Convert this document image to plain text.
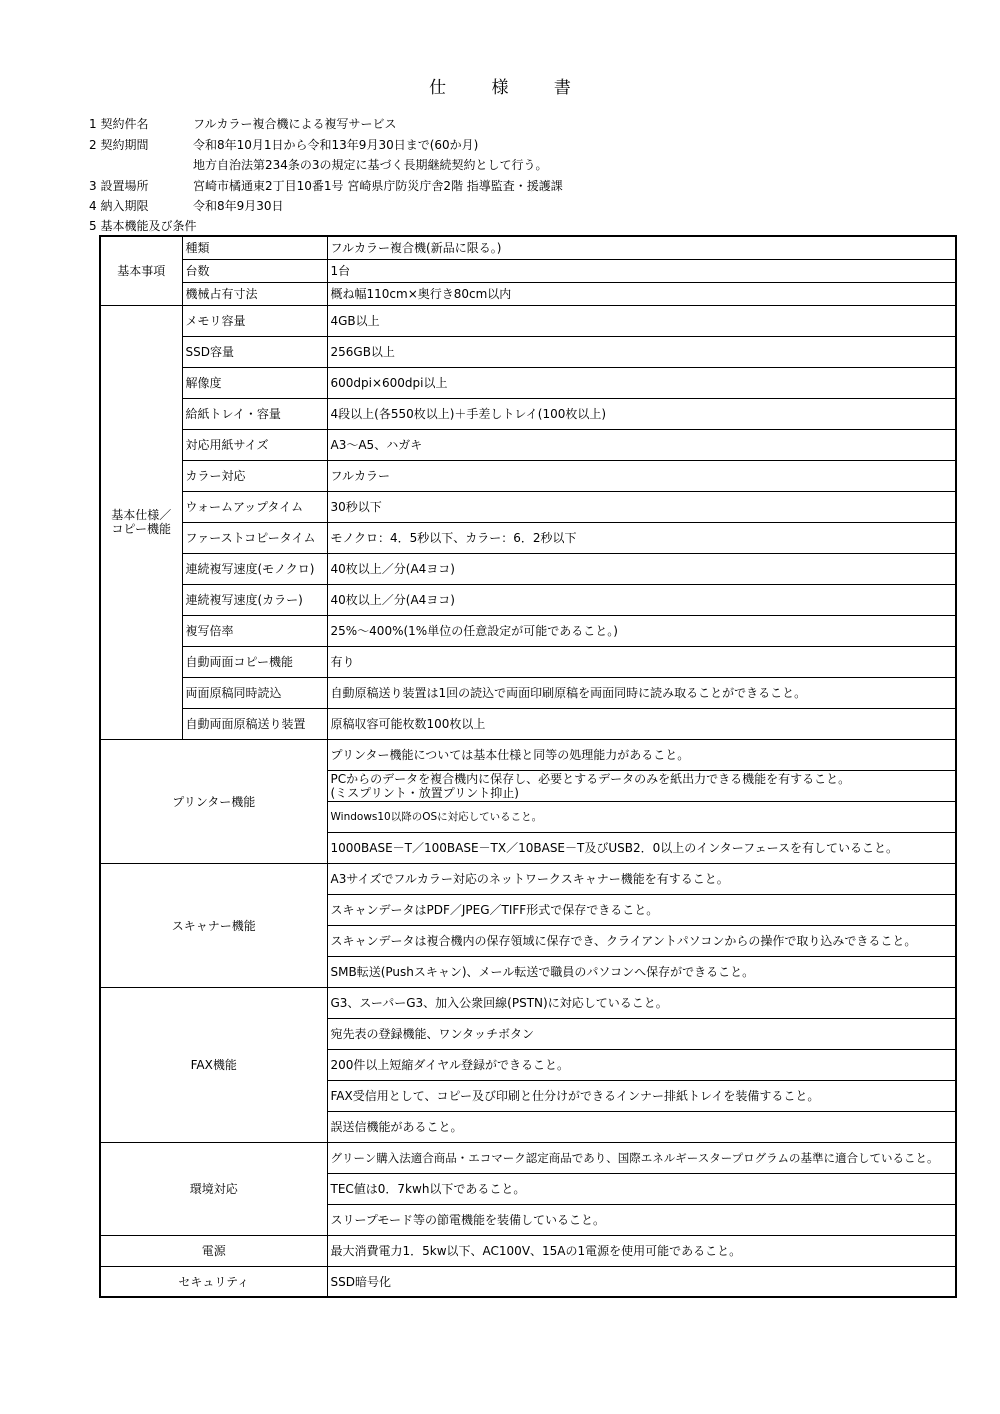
仕 様 書
1 契約件名	フルカラー複合機による複写サービス
2 契約期間	令和8年10月1日から令和13年9月30日まで(60か月)
地方自治法第234条の3の規定に基づく長期継続契約として行う。
3 設置場所	宮崎市橘通東2丁目10番1号 宮崎県庁防災庁舎2階 指導監査・援護課
4 納入期限	令和8年9月30日
5 基本機能及び条件
基本事項	種類	フルカラー複合機(新品に限る。)
	台数	1台
	機械占有寸法	概ね幅110cm×奥行き80cm以内
基本仕様／
コピー機能	メモリ容量	4GB以上
	SSD容量	256GB以上
	解像度	600dpi×600dpi以上
	給紙トレイ・容量	4段以上(各550枚以上)＋手差しトレイ(100枚以上)
	対応用紙サイズ	A3～A5、ハガキ
	カラー対応	フルカラー
	ウォームアップタイム	30秒以下
	ファーストコピータイム	モノクロ：4．5秒以下、カラー：6．2秒以下
	連続複写速度(モノクロ)	40枚以上／分(A4ヨコ)
	連続複写速度(カラー)	40枚以上／分(A4ヨコ)
	複写倍率	25%～400%(1%単位の任意設定が可能であること。)
	自動両面コピー機能	有り
	両面原稿同時読込	自動原稿送り装置は1回の読込で両面印刷原稿を両面同時に読み取ることができること。
	自動両面原稿送り装置	原稿収容可能枚数100枚以上
プリンター機能		プリンター機能については基本仕様と同等の処理能力があること。
		PCからのデータを複合機内に保存し、必要とするデータのみを紙出力できる機能を有すること。
(ミスプリント・放置プリント抑止)
		Windows10以降のOSに対応していること。
		1000BASE－T／100BASE－TX／10BASE－T及びUSB2．0以上のインターフェースを有していること。
スキャナー機能		A3サイズでフルカラー対応のネットワークスキャナー機能を有すること。
		スキャンデータはPDF／JPEG／TIFF形式で保存できること。
		スキャンデータは複合機内の保存領域に保存でき、クライアントパソコンからの操作で取り込みできること。
		SMB転送(Pushスキャン)、メール転送で職員のパソコンへ保存ができること。
FAX機能		G3、スーパーG3、加入公衆回線(PSTN)に対応していること。
		宛先表の登録機能、ワンタッチボタン
		200件以上短縮ダイヤル登録ができること。
		FAX受信用として、コピー及び印刷と仕分けができるインナー排紙トレイを装備すること。
		誤送信機能があること。
環境対応		グリーン購入法適合商品・エコマーク認定商品であり、国際エネルギースタープログラムの基準に適合していること。
		TEC値は0．7kwh以下であること。
		スリープモード等の節電機能を装備していること。
電源		最大消費電力1．5kw以下、AC100V、15Aの1電源を使用可能であること。
セキュリティ		SSD暗号化
